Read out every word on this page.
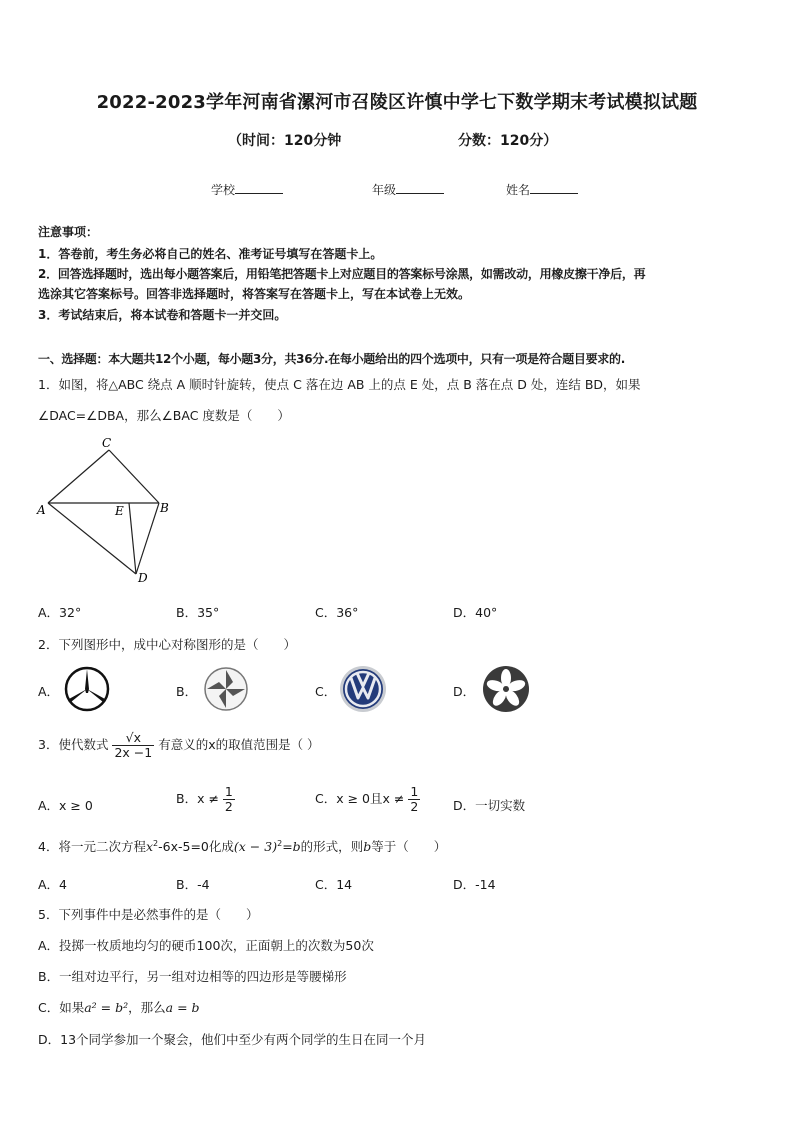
2022-2023学年河南省漯河市召陵区许慎中学七下数学期末考试模拟试题
（时间：120分钟	分数：120分）
学校	年级	姓名
注意事项：
1．答卷前，考生务必将自己的姓名、准考证号填写在答题卡上。
2．回答选择题时，选出每小题答案后，用铅笔把答题卡上对应题目的答案标号涂黑，如需改动，用橡皮擦干净后，再
选涂其它答案标号。回答非选择题时，将答案写在答题卡上，写在本试卷上无效。
3．考试结束后，将本试卷和答题卡一并交回。
一、选择题：本大题共12个小题，每小题3分，共36分.在每小题给出的四个选项中，只有一项是符合题目要求的.
1．如图，将△ABC 绕点 A 顺时针旋转，使点 C 落在边 AB 上的点 E 处，点 B 落在点 D 处，连结 BD，如果
∠DAC=∠DBA，那么∠BAC 度数是（　　）
C
A	E	B
D
A．32°	B．35°	C．36°	D．40°
2．下列图形中，成中心对称图形的是（　　）
A．	B．	C．	D．
3．使代数式 $\frac{√x}{2x -1}$ 有意义的x的取值范围是（ ）
A．x ≥ 0	B．$x \ne \frac{1}{2}$	C．x ≥ 0且$x \ne \frac{1}{2}$	D．一切实数
4．将一元二次方程$x^2-6x-5=0$化成$(x - 3)^2=b$的形式，则b等于（　　）
A．4	B．-4	C．14	D．-14
5．下列事件中是必然事件的是（　　）
A．投掷一枚质地均匀的硬币100次，正面朝上的次数为50次
B．一组对边平行，另一组对边相等的四边形是等腰梯形
C．如果a² = b²，那么a = b
D．13个同学参加一个聚会，他们中至少有两个同学的生日在同一个月
